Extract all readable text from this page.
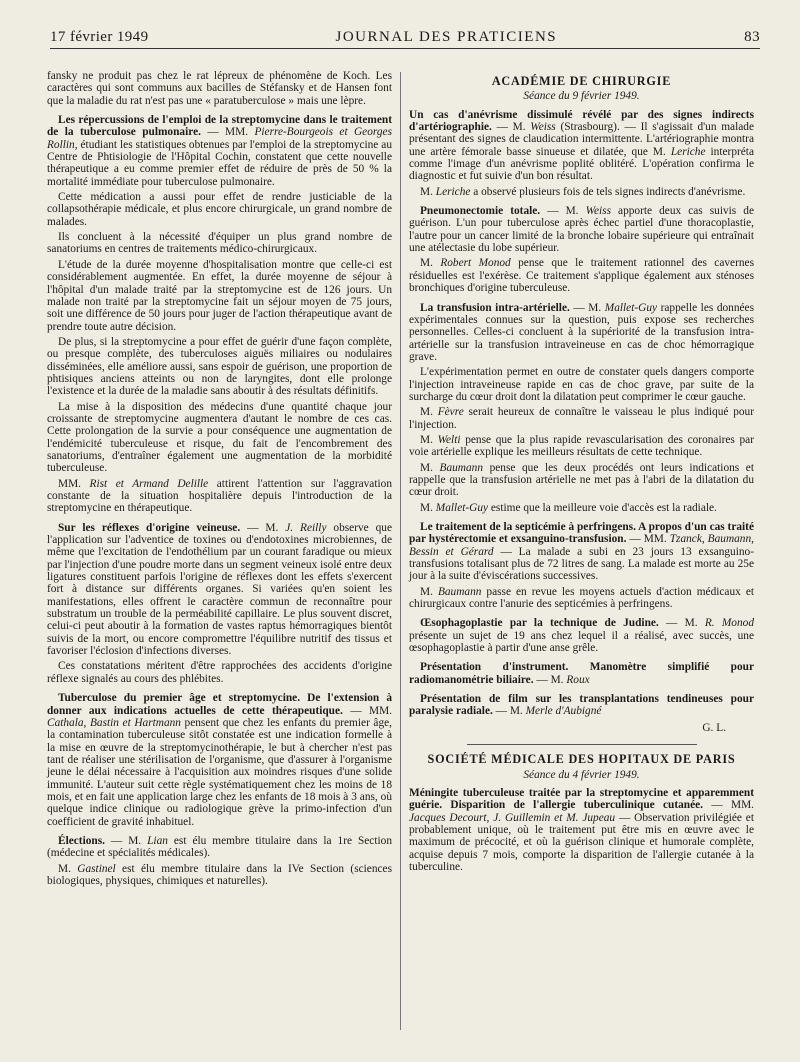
17 février 1949	JOURNAL DES PRATICIENS	83

fansky ne produit pas chez le rat lépreux de phénomène de Koch. Les caractères qui sont communs aux bacilles de Stéfansky et de Hansen font que la maladie du rat n'est pas une « paratuberculose » mais une lèpre.

Les répercussions de l'emploi de la streptomycine dans le traitement de la tuberculose pulmonaire. — MM. Pierre-Bourgeois et Georges Rollin, étudiant les statistiques obtenues par l'emploi de la streptomycine au Centre de Phtisiologie de l'Hôpital Cochin, constatent que cette nouvelle thérapeutique a eu comme premier effet de réduire de près de 50 % la mortalité immédiate pour tuberculose pulmonaire.

Cette médication a aussi pour effet de rendre justiciable de la collapsothérapie médicale, et plus encore chirurgicale, un grand nombre de malades.

Ils concluent à la nécessité d'équiper un plus grand nombre de sanatoriums en centres de traitements médico-chirurgicaux.

L'étude de la durée moyenne d'hospitalisation montre que celle-ci est considérablement augmentée. En effet, la durée moyenne de séjour à l'hôpital d'un malade traité par la streptomycine est de 126 jours. Un malade non traité par la streptomycine fait un séjour moyen de 75 jours, soit une différence de 50 jours pour juger de l'action thérapeutique avant de prendre toute autre décision.

De plus, si la streptomycine a pour effet de guérir d'une façon complète, ou presque complète, des tuberculoses aiguës miliaires ou nodulaires disséminées, elle améliore aussi, sans espoir de guérison, une proportion de phtisiques anciens atteints ou non de laryngites, dont elle prolonge l'existence et la durée de la maladie sans aboutir à des résultats définitifs.

La mise à la disposition des médecins d'une quantité chaque jour croissante de streptomycine augmentera d'autant le nombre de ces cas. Cette prolongation de la survie a pour conséquence une augmentation de l'endémicité tuberculeuse et risque, du fait de l'encombrement des sanatoriums, d'entraîner également une augmentation de la morbidité tuberculeuse.

MM. Rist et Armand Delille attirent l'attention sur l'aggravation constante de la situation hospitalière depuis l'introduction de la streptomycine en thérapeutique.

Sur les réflexes d'origine veineuse. — M. J. Reilly observe que l'application sur l'adventice de toxines ou d'endotoxines microbiennes, de même que l'excitation de l'endothélium par un courant faradique ou mieux par l'injection d'une poudre morte dans un segment veineux isolé entre deux ligatures constituent parfois l'origine de réflexes dont les effets s'exercent fort à distance sur différents organes. Si variées qu'en soient les manifestations, elles offrent le caractère commun de reconnaître pour substratum un trouble de la perméabilité capillaire. Le plus souvent discret, celui-ci peut aboutir à la formation de vastes raptus hémorragiques bientôt suivis de la mort, ou encore compromettre l'équilibre nutritif des tissus et favoriser l'éclosion d'infections diverses.

Ces constatations méritent d'être rapprochées des accidents d'origine réflexe signalés au cours des phlébites.

Tuberculose du premier âge et streptomycine. De l'extension à donner aux indications actuelles de cette thérapeutique. — MM. Cathala, Bastin et Hartmann pensent que chez les enfants du premier âge, la contamination tuberculeuse sitôt constatée est une indication formelle à la mise en œuvre de la streptomycinothérapie, le but à chercher n'est pas tant de réaliser une stérilisation de l'organisme, que d'assurer à l'organisme jeune le délai nécessaire à l'acquisition aux moindres risques d'une solide immunité. L'auteur suit cette règle systématiquement chez les moins de 18 mois, et en fait une application large chez les enfants de 18 mois à 3 ans, où quelque indice clinique ou radiologique grève la primo-infection d'un coefficient de gravité inhabituel.

Élections. — M. Lian est élu membre titulaire dans la 1re Section (médecine et spécialités médicales).

M. Gastinel est élu membre titulaire dans la IVe Section (sciences biologiques, physiques, chimiques et naturelles).

ACADÉMIE DE CHIRURGIE

Séance du 9 février 1949.

Un cas d'anévrisme dissimulé révélé par des signes indirects d'artériographie. — M. Weiss (Strasbourg). — Il s'agissait d'un malade présentant des signes de claudication intermittente. L'artériographie montra une artère fémorale basse sinueuse et dilatée, que M. Leriche interpréta comme l'image d'un anévrisme poplité oblitéré. L'opération confirma le diagnostic et fut suivie d'un bon résultat.

M. Leriche a observé plusieurs fois de tels signes indirects d'anévrisme.

Pneumonectomie totale. — M. Weiss apporte deux cas suivis de guérison. L'un pour tuberculose après échec partiel d'une thoracoplastie, l'autre pour un cancer limité de la bronche lobaire supérieure qui entraînait une atélectasie du lobe supérieur.

M. Robert Monod pense que le traitement rationnel des cavernes résiduelles est l'exérèse. Ce traitement s'applique également aux sténoses bronchiques d'origine tuberculeuse.

La transfusion intra-artérielle. — M. Mallet-Guy rappelle les données expérimentales connues sur la question, puis expose ses recherches personnelles. Celles-ci concluent à la supériorité de la transfusion intra-artérielle sur la transfusion intraveineuse en cas de choc hémorragique grave.

L'expérimentation permet en outre de constater quels dangers comporte l'injection intraveineuse rapide en cas de choc grave, par suite de la surcharge du cœur droit dont la dilatation peut comprimer le cœur gauche.

M. Fèvre serait heureux de connaître le vaisseau le plus indiqué pour l'injection.

M. Welti pense que la plus rapide revascularisation des coronaires par voie artérielle explique les meilleurs résultats de cette technique.

M. Baumann pense que les deux procédés ont leurs indications et rappelle que la transfusion artérielle ne met pas à l'abri de la dilatation du cœur droit.

M. Mallet-Guy estime que la meilleure voie d'accès est la radiale.

Le traitement de la septicémie à perfringens. A propos d'un cas traité par hystérectomie et exsanguino-transfusion. — MM. Tzanck, Baumann, Bessin et Gérard — La malade a subi en 23 jours 13 exsanguino-transfusions totalisant plus de 72 litres de sang. La malade est morte au 25e jour à la suite d'éviscérations successives.

M. Baumann passe en revue les moyens actuels d'action médicaux et chirurgicaux contre l'anurie des septicémies à perfringens.

Œsophagoplastie par la technique de Judine. — M. R. Monod présente un sujet de 19 ans chez lequel il a réalisé, avec succès, une œsophagoplastie à partir d'une anse grêle.

Présentation d'instrument. Manomètre simplifié pour radiomanométrie biliaire. — M. Roux

Présentation de film sur les transplantations tendineuses pour paralysie radiale. — M. Merle d'Aubigné

G. L.

SOCIÉTÉ MÉDICALE DES HOPITAUX DE PARIS

Séance du 4 février 1949.

Méningite tuberculeuse traitée par la streptomycine et apparemment guérie. Disparition de l'allergie tuberculinique cutanée. — MM. Jacques Decourt, J. Guillemin et M. Jupeau — Observation privilégiée et probablement unique, où le traitement put être mis en œuvre avec le maximum de précocité, et où la guérison clinique et humorale complète, acquise depuis 7 mois, comporte la disparition de l'allergie cutanée à la tuberculine.
